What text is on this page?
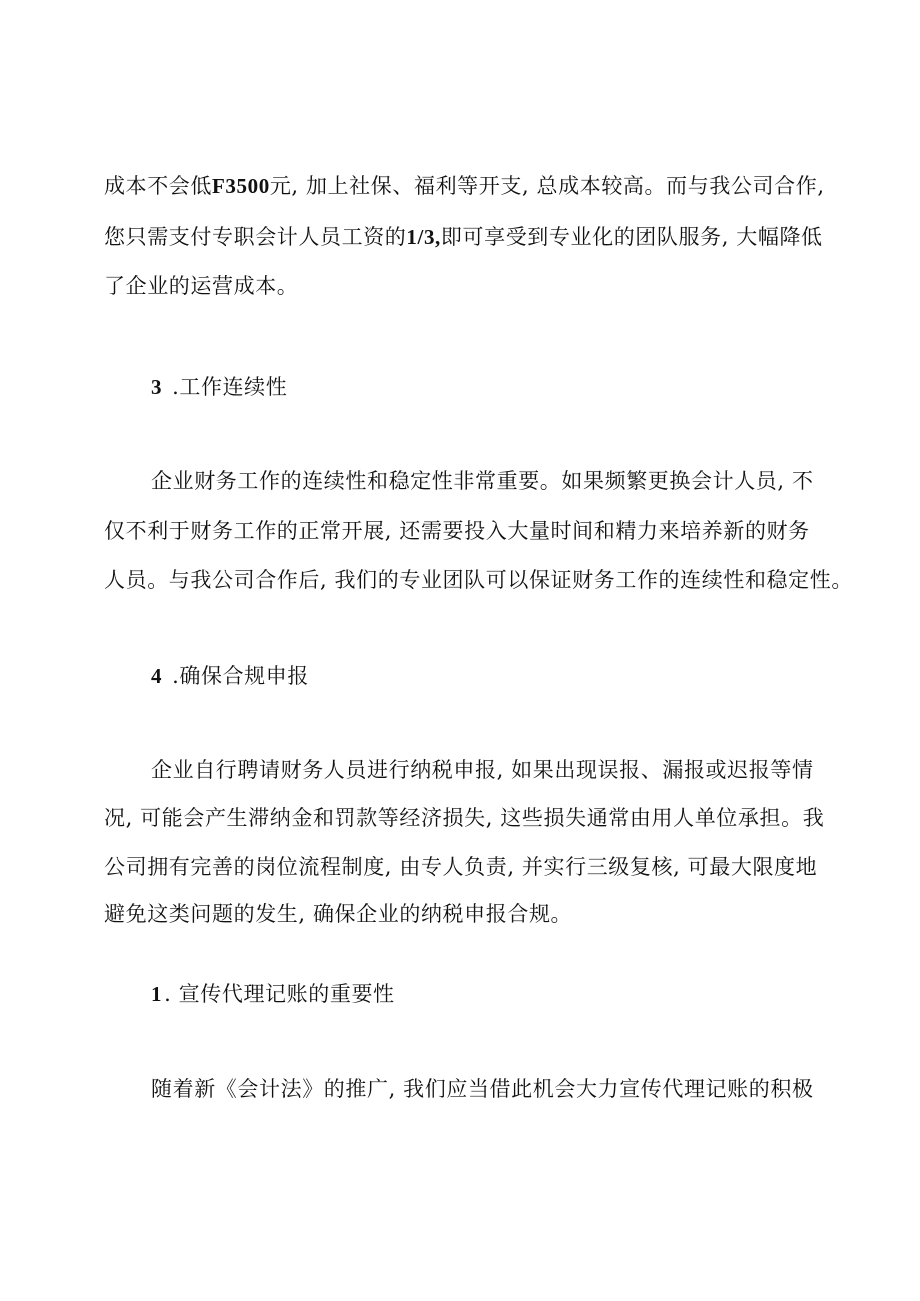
成本不会低F3500元, 加上社保、福利等开支, 总成本较高。而与我公司合作,
您只需支付专职会计人员工资的1/3,即可享受到专业化的团队服务, 大幅降低
了企业的运营成本。
3 .工作连续性
企业财务工作的连续性和稳定性非常重要。如果频繁更换会计人员, 不
仅不利于财务工作的正常开展, 还需要投入大量时间和精力来培养新的财务
人员。与我公司合作后, 我们的专业团队可以保证财务工作的连续性和稳定性。
4 .确保合规申报
企业自行聘请财务人员进行纳税申报, 如果出现误报、漏报或迟报等情
况, 可能会产生滞纳金和罚款等经济损失, 这些损失通常由用人单位承担。我
公司拥有完善的岗位流程制度, 由专人负责, 并实行三级复核, 可最大限度地
避免这类问题的发生, 确保企业的纳税申报合规。
1. 宣传代理记账的重要性
随着新《会计法》的推广, 我们应当借此机会大力宣传代理记账的积极
